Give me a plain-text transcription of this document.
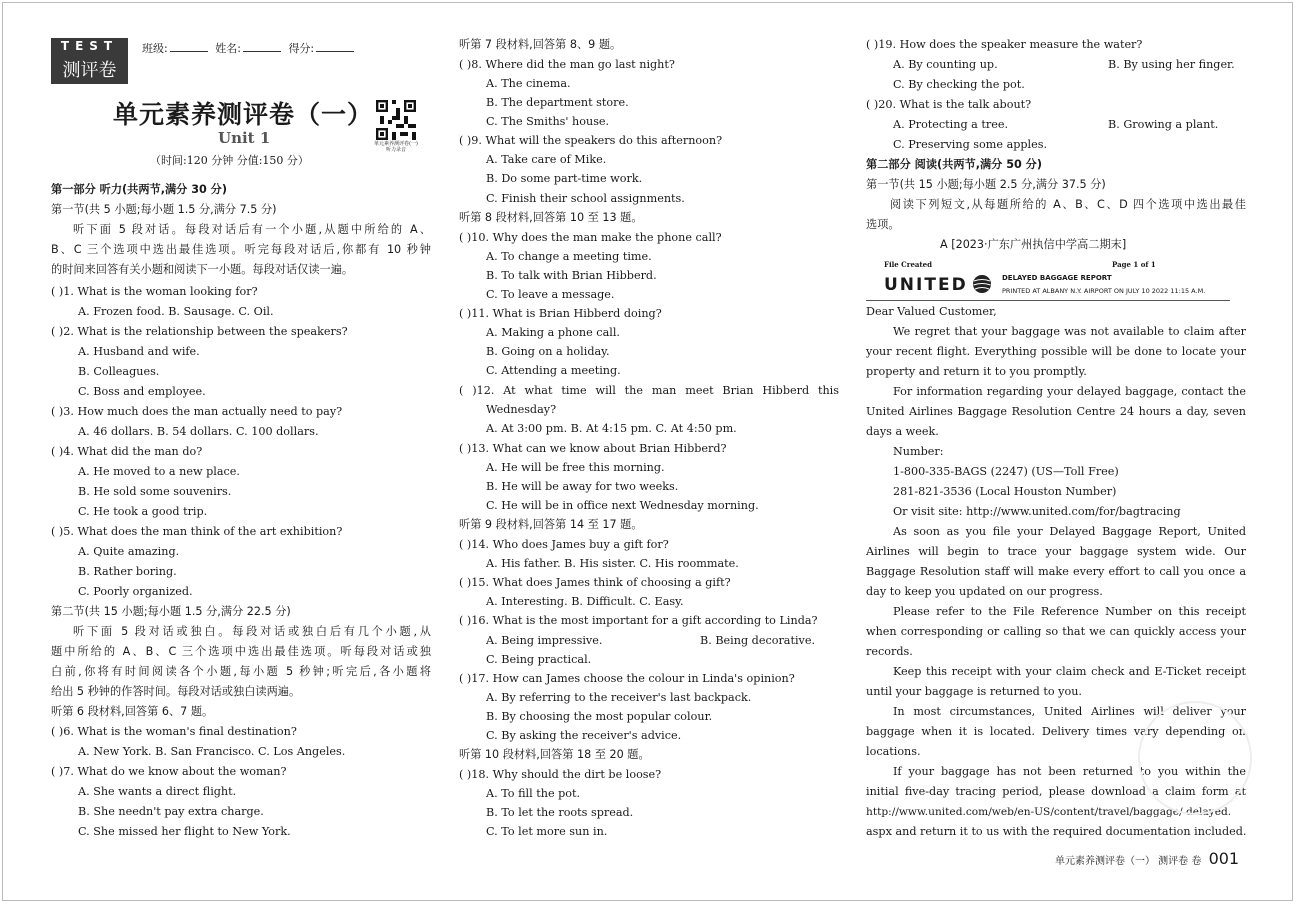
TEST
测评卷
班级:	姓名:	得分:
单元素养测评卷（一）
Unit 1
（时间:120 分钟 分值:150 分）
单元素养测评卷(一)听力录音
第一部分 听力(共两节,满分 30 分)
第一节(共 5 小题;每小题 1.5 分,满分 7.5 分)
听下面 5 段对话。每段对话后有一个小题,从题中所给的 A、
B、C 三个选项中选出最佳选项。听完每段对话后,你都有 10 秒钟
的时间来回答有关小题和阅读下一小题。每段对话仅读一遍。
( )1. What is the woman looking for?
A. Frozen food. B. Sausage. C. Oil.
( )2. What is the relationship between the speakers?
A. Husband and wife.
B. Colleagues.
C. Boss and employee.
( )3. How much does the man actually need to pay?
A. 46 dollars. B. 54 dollars. C. 100 dollars.
( )4. What did the man do?
A. He moved to a new place.
B. He sold some souvenirs.
C. He took a good trip.
( )5. What does the man think of the art exhibition?
A. Quite amazing.
B. Rather boring.
C. Poorly organized.
第二节(共 15 小题;每小题 1.5 分,满分 22.5 分)
听下面 5 段对话或独白。每段对话或独白后有几个小题,从
题中所给的 A、B、C 三个选项中选出最佳选项。听每段对话或独
白前,你将有时间阅读各个小题,每小题 5 秒钟;听完后,各小题将
给出 5 秒钟的作答时间。每段对话或独白读两遍。
听第 6 段材料,回答第 6、7 题。
( )6. What is the woman's final destination?
A. New York. B. San Francisco. C. Los Angeles.
( )7. What do we know about the woman?
A. She wants a direct flight.
B. She needn't pay extra charge.
C. She missed her flight to New York.
听第 7 段材料,回答第 8、9 题。
( )8. Where did the man go last night?
A. The cinema.
B. The department store.
C. The Smiths' house.
( )9. What will the speakers do this afternoon?
A. Take care of Mike.
B. Do some part-time work.
C. Finish their school assignments.
听第 8 段材料,回答第 10 至 13 题。
( )10. Why does the man make the phone call?
A. To change a meeting time.
B. To talk with Brian Hibberd.
C. To leave a message.
( )11. What is Brian Hibberd doing?
A. Making a phone call.
B. Going on a holiday.
C. Attending a meeting.
( )12. At what time will the man meet Brian Hibberd this
Wednesday?
A. At 3:00 pm. B. At 4:15 pm. C. At 4:50 pm.
( )13. What can we know about Brian Hibberd?
A. He will be free this morning.
B. He will be away for two weeks.
C. He will be in office next Wednesday morning.
听第 9 段材料,回答第 14 至 17 题。
( )14. Who does James buy a gift for?
A. His father. B. His sister. C. His roommate.
( )15. What does James think of choosing a gift?
A. Interesting. B. Difficult. C. Easy.
( )16. What is the most important for a gift according to Linda?
A. Being impressive.	B. Being decorative.
C. Being practical.
( )17. How can James choose the colour in Linda's opinion?
A. By referring to the receiver's last backpack.
B. By choosing the most popular colour.
C. By asking the receiver's advice.
听第 10 段材料,回答第 18 至 20 题。
( )18. Why should the dirt be loose?
A. To fill the pot.
B. To let the roots spread.
C. To let more sun in.
( )19. How does the speaker measure the water?
A. By counting up.	B. By using her finger.
C. By checking the pot.
( )20. What is the talk about?
A. Protecting a tree.	B. Growing a plant.
C. Preserving some apples.
第二部分 阅读(共两节,满分 50 分)
第一节(共 15 小题;每小题 2.5 分,满分 37.5 分)
阅读下列短文,从每题所给的 A、B、C、D 四个选项中选出最佳
选项。
A [2023·广东广州执信中学高二期末]
File Created	Page 1 of 1
UNITED	DELAYED BAGGAGE REPORT
PRINTED AT ALBANY N.Y. AIRPORT ON JULY 10 2022 11:15 A.M.
Dear Valued Customer,
We regret that your baggage was not available to claim after
your recent flight. Everything possible will be done to locate your
property and return it to you promptly.
For information regarding your delayed baggage, contact the
United Airlines Baggage Resolution Centre 24 hours a day, seven
days a week.
Number:
1-800-335-BAGS (2247) (US—Toll Free)
281-821-3536 (Local Houston Number)
Or visit site: http://www.united.com/for/bagtracing
As soon as you file your Delayed Baggage Report, United
Airlines will begin to trace your baggage system wide. Our
Baggage Resolution staff will make every effort to call you once a
day to keep you updated on our progress.
Please refer to the File Reference Number on this receipt
when corresponding or calling so that we can quickly access your
records.
Keep this receipt with your claim check and E-Ticket receipt
until your baggage is returned to you.
In most circumstances, United Airlines will deliver your
baggage when it is located. Delivery times vary depending on
locations.
If your baggage has not been returned to you within the
initial five-day tracing period, please download a claim form at
http://www.united.com/web/en-US/content/travel/baggage/ delayed.
aspx and return it to us with the required documentation included.
单元素养测评卷（一） 测评卷 卷 001
